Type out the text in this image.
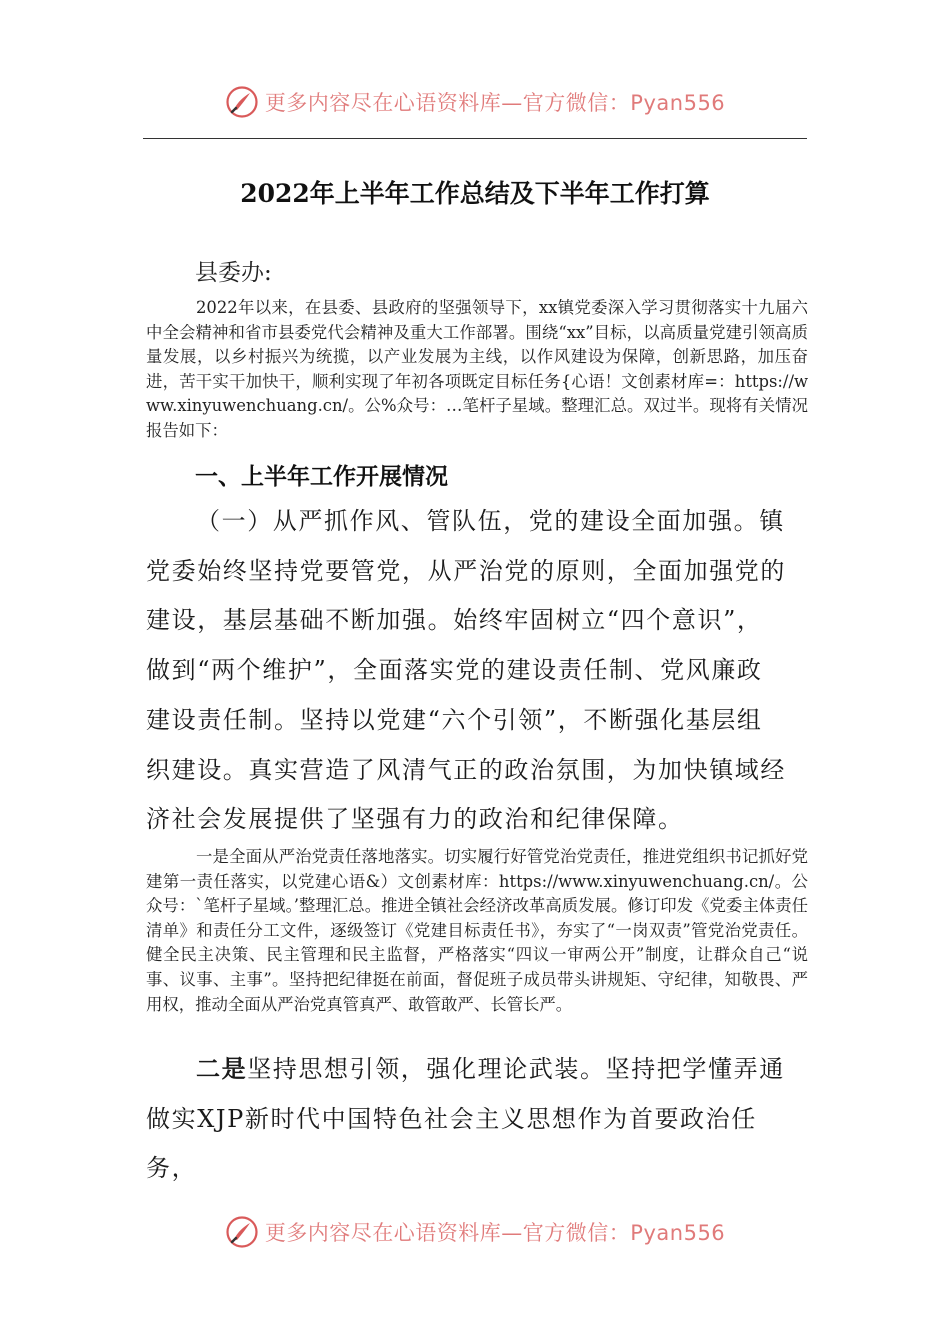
更多内容尽在心语资料库—官方微信：Pyan556
2022年上半年工作总结及下半年工作打算

县委办:

2022年以来，在县委、县政府的坚强领导下，xx镇党委深入学习贯彻落实十九届六中全会精神和省市县委党代会精神及重大工作部署。围绕“xx”目标，以高质量党建引领高质量发展，以乡村振兴为统揽，以产业发展为主线，以作风建设为保障，创新思路，加压奋进，苦干实干加快干，顺利实现了年初各项既定目标任务{心语！文创素材库=：https://www.xinyuwenchuang.cn/。公%众号：…笔杆子星域。整理汇总。双过半。现将有关情况报告如下：

一、上半年工作开展情况

（一）从严抓作风、管队伍，党的建设全面加强。镇党委始终坚持党要管党，从严治党的原则，全面加强党的建设，基层基础不断加强。始终牢固树立“四个意识”，做到“两个维护”，全面落实党的建设责任制、党风廉政建设责任制。坚持以党建“六个引领”，不断强化基层组织建设。真实营造了风清气正的政治氛围，为加快镇域经济社会发展提供了坚强有力的政治和纪律保障。

一是全面从严治党责任落地落实。切实履行好管党治党责任，推进党组织书记抓好党建第一责任落实，以党建心语&）文创素材库：https://www.xinyuwenchuang.cn/。公众号：`笔杆子星域。’整理汇总。推进全镇社会经济改革高质发展。修订印发《党委主体责任清单》和责任分工文件，逐级签订《党建目标责任书》，夯实了“一岗双责”管党治党责任。健全民主决策、民主管理和民主监督，严格落实“四议一审两公开”制度，让群众自己“说事、议事、主事”。坚持把纪律挺在前面，督促班子成员带头讲规矩、守纪律，知敬畏、严用权，推动全面从严治党真管真严、敢管敢严、长管长严。

二是坚持思想引领，强化理论武装。坚持把学懂弄通做实XJP新时代中国特色社会主义思想作为首要政治任务，

更多内容尽在心语资料库—官方微信：Pyan556
